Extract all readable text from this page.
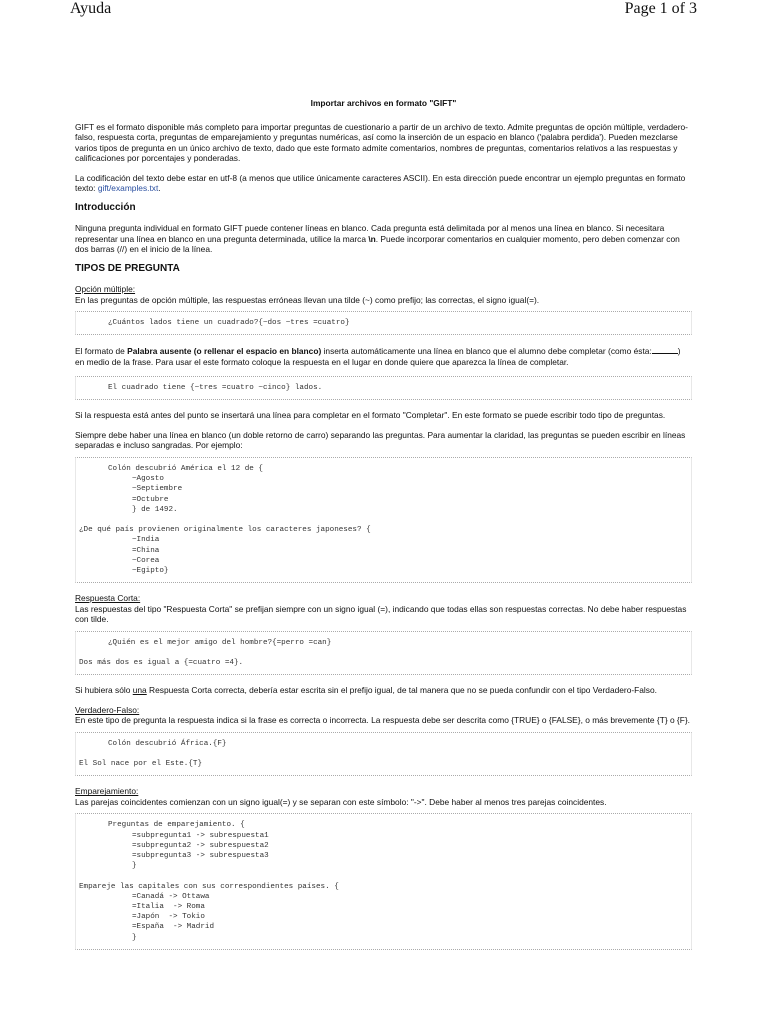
Ayuda	Page 1 of 3
Importar archivos en formato "GIFT"

GIFT es el formato disponible más completo para importar preguntas de cuestionario a partir de un archivo de texto. Admite preguntas de opción múltiple, verdadero-falso, respuesta corta, preguntas de emparejamiento y preguntas numéricas, así como la inserción de un espacio en blanco ('palabra perdida'). Pueden mezclarse varios tipos de pregunta en un único archivo de texto, dado que este formato admite comentarios, nombres de preguntas, comentarios relativos a las respuestas y calificaciones por porcentajes y ponderadas.

La codificación del texto debe estar en utf-8 (a menos que utilice únicamente caracteres ASCII). En esta dirección puede encontrar un ejemplo preguntas en formato texto: gift/examples.txt.

Introducción

Ninguna pregunta individual en formato GIFT puede contener líneas en blanco. Cada pregunta está delimitada por al menos una línea en blanco. Si necesitara representar una línea en blanco en una pregunta determinada, utilice la marca \n. Puede incorporar comentarios en cualquier momento, pero deben comenzar con dos barras (//) en el inicio de la línea.

TIPOS DE PREGUNTA
Opción múltiple:

En las preguntas de opción múltiple, las respuestas erróneas llevan una tilde (~) como prefijo; las correctas, el signo igual(=).

¿Cuántos lados tiene un cuadrado?{~dos ~tres =cuatro}

El formato de Palabra ausente (o rellenar el espacio en blanco) inserta automáticamente una línea en blanco que el alumno debe completar (como ésta:	) en medio de la frase. Para usar el este formato coloque la respuesta en el lugar en donde quiere que aparezca la línea de completar.

El cuadrado tiene {~tres =cuatro ~cinco} lados.

Si la respuesta está antes del punto se insertará una línea para completar en el formato "Completar". En este formato se puede escribir todo tipo de preguntas.

Siempre debe haber una línea en blanco (un doble retorno de carro) separando las preguntas. Para aumentar la claridad, las preguntas se pueden escribir en líneas separadas e incluso sangradas. Por ejemplo:

Colón descubrió América el 12 de {
~Agosto
~Septiembre
=Octubre
} de 1492.
¿De qué país provienen originalmente los caracteres japoneses? {
~India
=China
~Corea
~Egipto}
Respuesta Corta:

Las respuestas del tipo "Respuesta Corta" se prefijan siempre con un signo igual (=), indicando que todas ellas son respuestas correctas. No debe haber respuestas con tilde.

¿Quién es el mejor amigo del hombre?{=perro =can}
Dos más dos es igual a {=cuatro =4}.

Si hubiera sólo una Respuesta Corta correcta, debería estar escrita sin el prefijo igual, de tal manera que no se pueda confundir con el tipo Verdadero-Falso.

Verdadero-Falso:

En este tipo de pregunta la respuesta indica si la frase es correcta o incorrecta. La respuesta debe ser descrita como {TRUE} o {FALSE}, o más brevemente {T} o {F}.

Colón descubrió África.{F}
El Sol nace por el Este.{T}
Emparejamiento:

Las parejas coincidentes comienzan con un signo igual(=) y se separan con este símbolo: "->". Debe haber al menos tres parejas coincidentes.

Preguntas de emparejamiento. {
=subpregunta1 -> subrespuesta1
=subpregunta2 -> subrespuesta2
=subpregunta3 -> subrespuesta3
}
Empareje las capitales con sus correspondientes países. {
=Canadá -> Ottawa
=Italia  -> Roma
=Japón  -> Tokio
=España  -> Madrid
}
